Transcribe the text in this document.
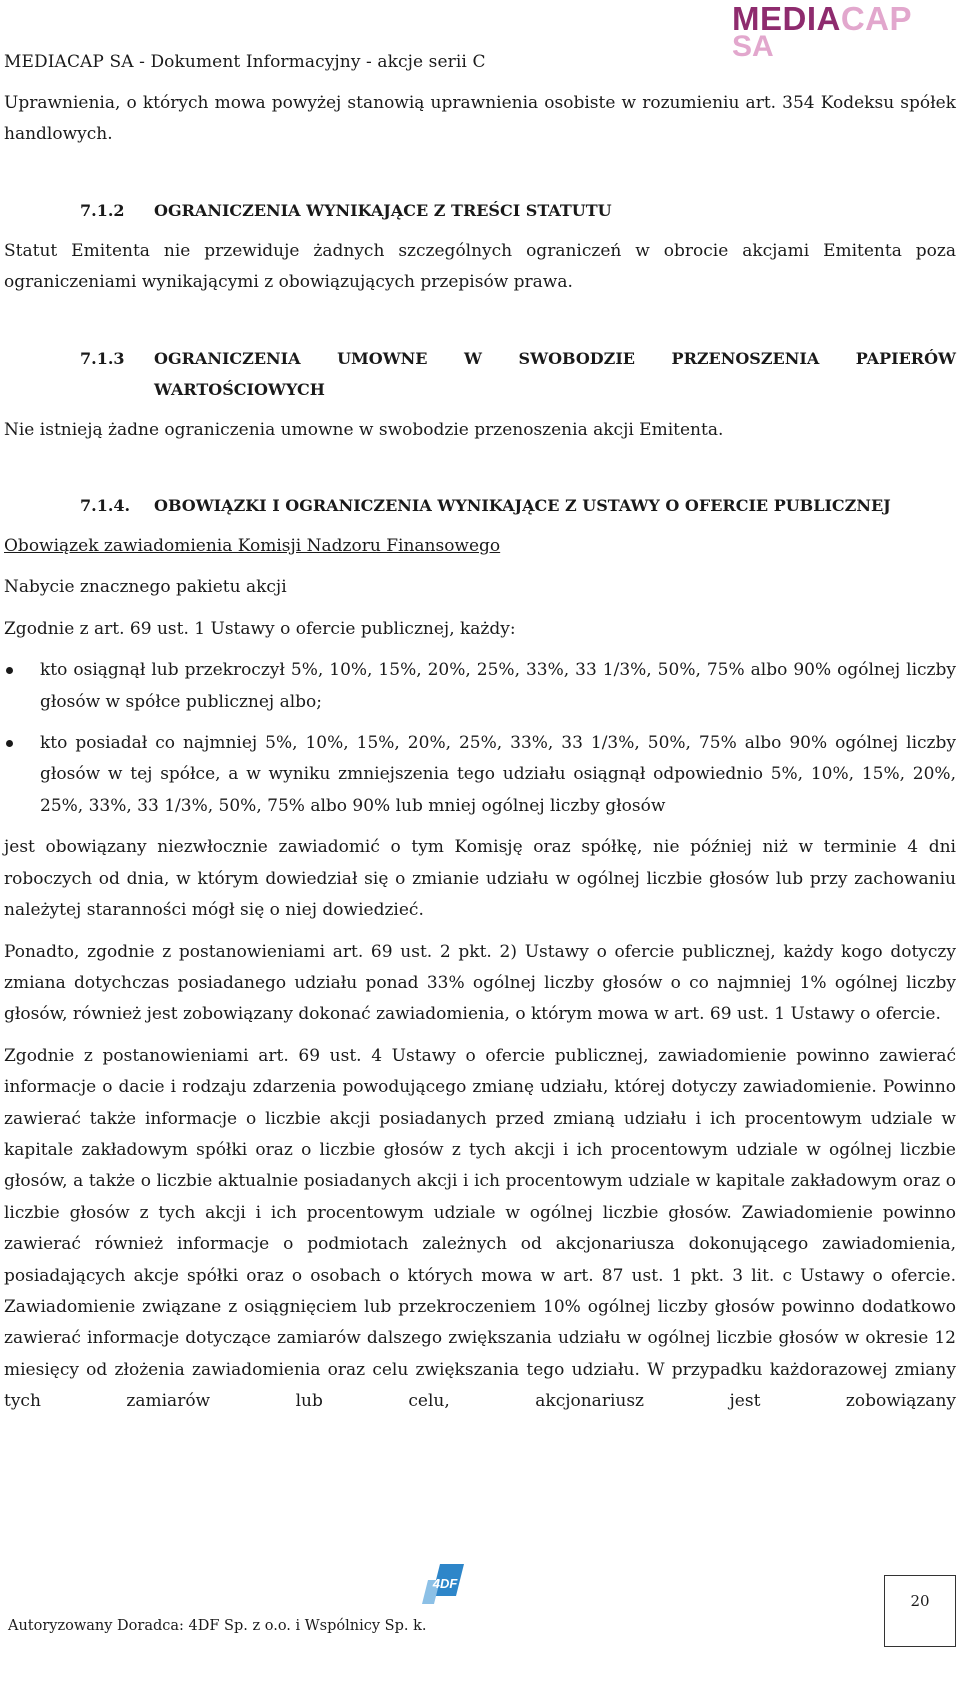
MEDIACAP SA - Dokument Informacyjny - akcje serii C
MEDIACAP
SA

Uprawnienia, o których mowa powyżej stanowią uprawnienia osobiste w rozumieniu art. 354 Kodeksu spółek handlowych.

7.1.2 OGRANICZENIA WYNIKAJĄCE Z TREŚCI STATUTU

Statut Emitenta nie przewiduje żadnych szczególnych ograniczeń w obrocie akcjami Emitenta poza ograniczeniami wynikającymi z obowiązujących przepisów prawa.

7.1.3 OGRANICZENIA UMOWNE W SWOBODZIE PRZENOSZENIA PAPIERÓW
WARTOŚCIOWYCH

Nie istnieją żadne ograniczenia umowne w swobodzie przenoszenia akcji Emitenta.

7.1.4. OBOWIĄZKI I OGRANICZENIA WYNIKAJĄCE Z USTAWY O OFERCIE PUBLICZNEJ

Obowiązek zawiadomienia Komisji Nadzoru Finansowego

Nabycie znacznego pakietu akcji

Zgodnie z art. 69 ust. 1 Ustawy o ofercie publicznej, każdy:

kto osiągnął lub przekroczył 5%, 10%, 15%, 20%, 25%, 33%, 33 1/3%, 50%, 75% albo 90% ogólnej liczby głosów w spółce publicznej albo;

kto posiadał co najmniej 5%, 10%, 15%, 20%, 25%, 33%, 33 1/3%, 50%, 75% albo 90% ogólnej liczby głosów w tej spółce, a w wyniku zmniejszenia tego udziału osiągnął odpowiednio 5%, 10%, 15%, 20%, 25%, 33%, 33 1/3%, 50%, 75% albo 90% lub mniej ogólnej liczby głosów

jest obowiązany niezwłocznie zawiadomić o tym Komisję oraz spółkę, nie później niż w terminie 4 dni roboczych od dnia, w którym dowiedział się o zmianie udziału w ogólnej liczbie głosów lub przy zachowaniu należytej staranności mógł się o niej dowiedzieć.

Ponadto, zgodnie z postanowieniami art. 69 ust. 2 pkt. 2) Ustawy o ofercie publicznej, każdy kogo dotyczy zmiana dotychczas posiadanego udziału ponad 33% ogólnej liczby głosów o co najmniej 1% ogólnej liczby głosów, również jest zobowiązany dokonać zawiadomienia, o którym mowa w art. 69 ust. 1 Ustawy o ofercie.

Zgodnie z postanowieniami art. 69 ust. 4 Ustawy o ofercie publicznej, zawiadomienie powinno zawierać informacje o dacie i rodzaju zdarzenia powodującego zmianę udziału, której dotyczy zawiadomienie. Powinno zawierać także informacje o liczbie akcji posiadanych przed zmianą udziału i ich procentowym udziale w kapitale zakładowym spółki oraz o liczbie głosów z tych akcji i ich procentowym udziale w ogólnej liczbie głosów, a także o liczbie aktualnie posiadanych akcji i ich procentowym udziale w kapitale zakładowym oraz o liczbie głosów z tych akcji i ich procentowym udziale w ogólnej liczbie głosów. Zawiadomienie powinno zawierać również informacje o podmiotach zależnych od akcjonariusza dokonującego zawiadomienia, posiadających akcje spółki oraz o osobach o których mowa w art. 87 ust. 1 pkt. 3 lit. c Ustawy o ofercie. Zawiadomienie związane z osiągnięciem lub przekroczeniem 10% ogólnej liczby głosów powinno dodatkowo zawierać informacje dotyczące zamiarów dalszego zwiększania udziału w ogólnej liczbie głosów w okresie 12 miesięcy od złożenia zawiadomienia oraz celu zwiększania tego udziału. W przypadku każdorazowej zmiany tych zamiarów lub celu, akcjonariusz jest zobowiązany

4DF
Autoryzowany Doradca: 4DF Sp. z o.o. i Wspólnicy Sp. k.
20
